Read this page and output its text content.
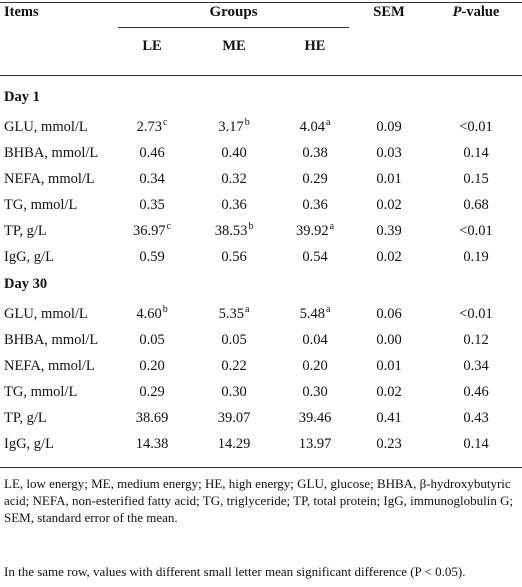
Items	Groups	SEM	P-value
LE	ME	HE
Day 1
GLU, mmol/L	2.73$^c$	3.17$^b$	4.04$^a$	0.09	<0.01
BHBA, mmol/L	0.46	0.40	0.38	0.03	0.14
NEFA, mmol/L	0.34	0.32	0.29	0.01	0.15
TG, mmol/L	0.35	0.36	0.36	0.02	0.68
TP, g/L	36.97$^c$	38.53$^b$	39.92$^a$	0.39	<0.01
IgG, g/L	0.59	0.56	0.54	0.02	0.19
Day 30
GLU, mmol/L	4.60$^b$	5.35$^a$	5.48$^a$	0.06	<0.01
BHBA, mmol/L	0.05	0.05	0.04	0.00	0.12
NEFA, mmol/L	0.20	0.22	0.20	0.01	0.34
TG, mmol/L	0.29	0.30	0.30	0.02	0.46
TP, g/L	38.69	39.07	39.46	0.41	0.43
IgG, g/L	14.38	14.29	13.97	0.23	0.14
LE, low energy; ME, medium energy; HE, high energy; GLU, glucose; BHBA, β-hydroxybutyric acid; NEFA, non-esterified fatty acid; TG, triglyceride; TP, total protein; IgG, immunoglobulin G; SEM, standard error of the mean.
In the same row, values with different small letter mean significant difference (P < 0.05).
